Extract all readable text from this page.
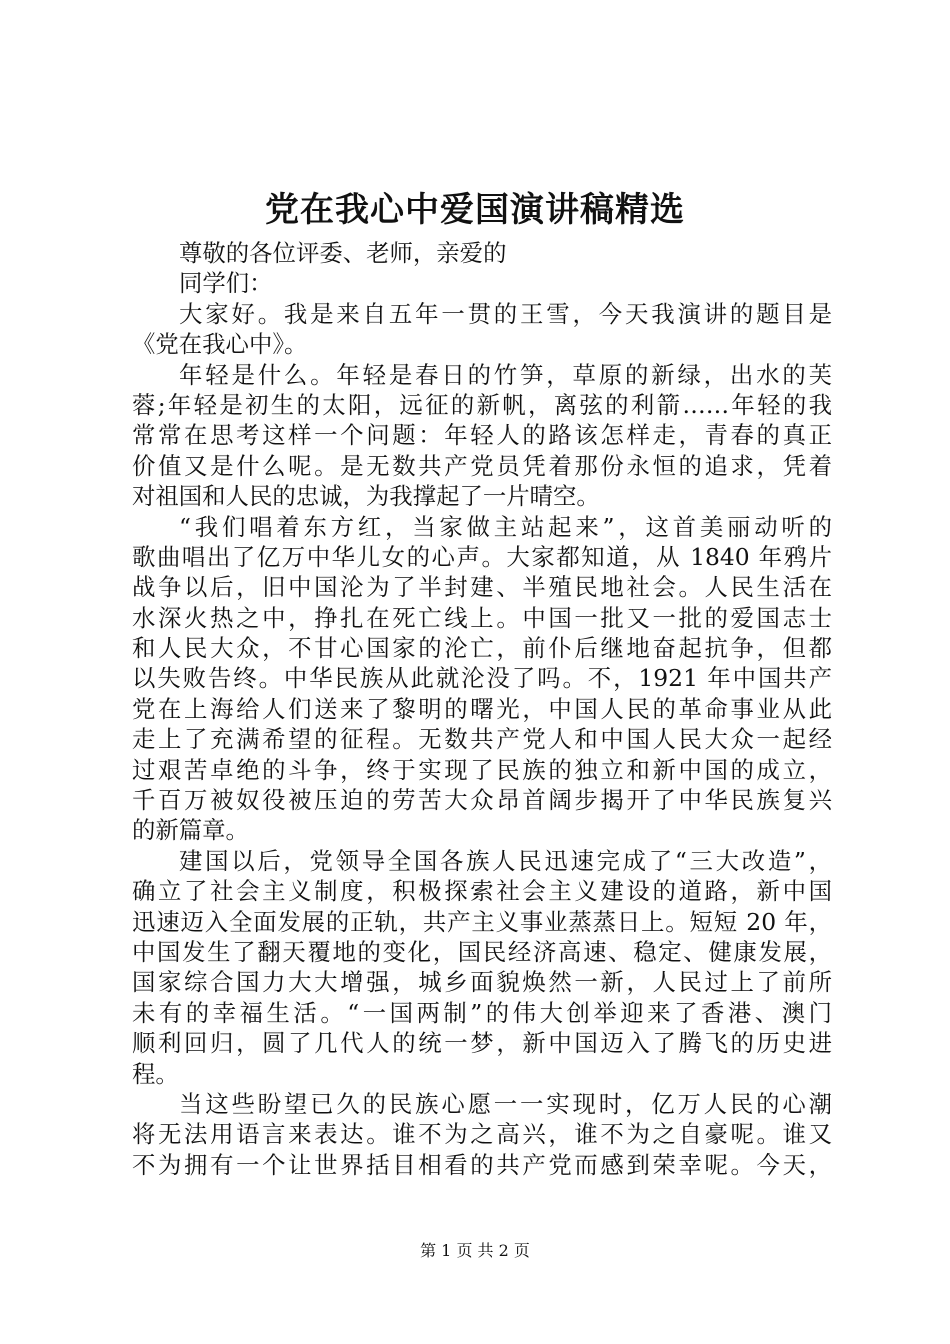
党在我心中爱国演讲稿精选
尊敬的各位评委、老师，亲爱的
同学们：
大家好。我是来自五年一贯的王雪，今天我演讲的题目是
《党在我心中》。
年轻是什么。年轻是春日的竹笋，草原的新绿，出水的芙
蓉;年轻是初生的太阳，远征的新帆，离弦的利箭……年轻的我
常常在思考这样一个问题：年轻人的路该怎样走，青春的真正
价值又是什么呢。是无数共产党员凭着那份永恒的追求，凭着
对祖国和人民的忠诚，为我撑起了一片晴空。
“我们唱着东方红，当家做主站起来”，这首美丽动听的
歌曲唱出了亿万中华儿女的心声。大家都知道，从 1840 年鸦片
战争以后，旧中国沦为了半封建、半殖民地社会。人民生活在
水深火热之中，挣扎在死亡线上。中国一批又一批的爱国志士
和人民大众，不甘心国家的沦亡，前仆后继地奋起抗争，但都
以失败告终。中华民族从此就沦没了吗。不，1921 年中国共产
党在上海给人们送来了黎明的曙光，中国人民的革命事业从此
走上了充满希望的征程。无数共产党人和中国人民大众一起经
过艰苦卓绝的斗争，终于实现了民族的独立和新中国的成立，
千百万被奴役被压迫的劳苦大众昂首阔步揭开了中华民族复兴
的新篇章。
建国以后，党领导全国各族人民迅速完成了“三大改造”，
确立了社会主义制度，积极探索社会主义建设的道路，新中国
迅速迈入全面发展的正轨，共产主义事业蒸蒸日上。短短 20 年，
中国发生了翻天覆地的变化，国民经济高速、稳定、健康发展，
国家综合国力大大增强，城乡面貌焕然一新，人民过上了前所
未有的幸福生活。“一国两制”的伟大创举迎来了香港、澳门
顺利回归，圆了几代人的统一梦，新中国迈入了腾飞的历史进
程。
当这些盼望已久的民族心愿一一实现时，亿万人民的心潮
将无法用语言来表达。谁不为之高兴，谁不为之自豪呢。谁又
不为拥有一个让世界括目相看的共产党而感到荣幸呢。今天，
第 1 页 共 2 页
